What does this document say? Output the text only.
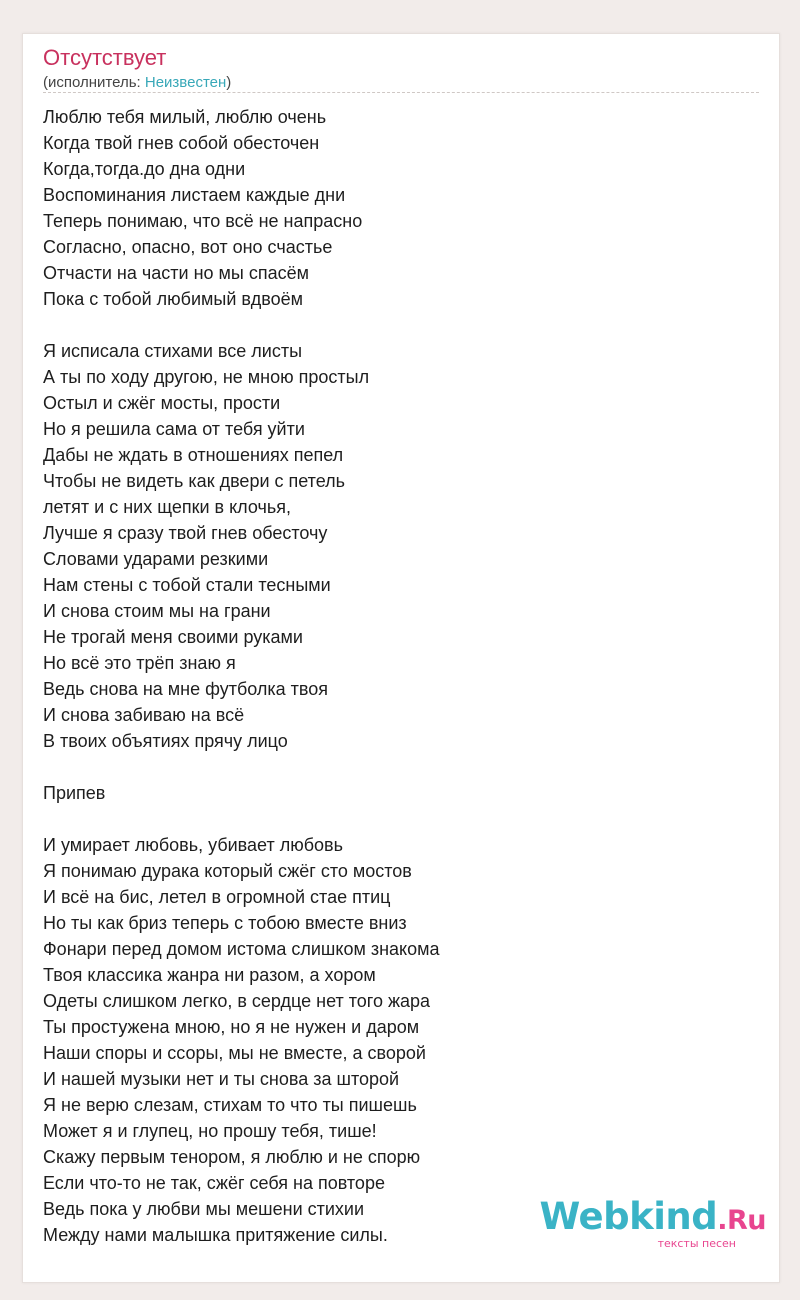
Отсутствует
(исполнитель: Неизвестен)
Люблю тебя милый, люблю очень
Когда твой гнев собой обесточен
Когда,тогда.до дна одни
Воспоминания листаем каждые дни
Теперь понимаю, что всё не напрасно
Согласно, опасно, вот оно счастье
Отчасти на части но мы спасём
Пока с тобой любимый вдвоём
Я исписала стихами все листы
А ты по ходу другою, не мною простыл
Остыл и сжёг мосты, прости
Но я решила сама от тебя уйти
Дабы не ждать в отношениях пепел
Чтобы не видеть как двери с петель
летят и с них щепки в клочья,
Лучше я сразу твой гнев обесточу
Словами ударами резкими
Нам стены с тобой стали тесными
И снова стоим мы на грани
Не трогай меня своими руками
Но всё это трёп знаю я
Ведь снова на мне футболка твоя
И снова забиваю на всё
В твоих объятиях прячу лицо
Припев
И умирает любовь, убивает любовь
Я понимаю дурака который сжёг сто мостов
И всё на бис, летел в огромной стае птиц
Но ты как бриз теперь с тобою вместе вниз
Фонари перед домом истома слишком знакома
Твоя классика жанра ни разом, а хором
Одеты слишком легко, в сердце нет того жара
Ты простужена мною, но я не нужен и даром
Наши споры и ссоры, мы не вместе, а сворой
И нашей музыки нет и ты снова за шторой
Я не верю слезам, стихам то что ты пишешь
Может я и глупец, но прошу тебя, тише!
Скажу первым тенором, я люблю и не спорю
Если что-то не так, сжёг себя на повторе
Ведь пока у любви мы мешени стихии
Между нами малышка притяжение силы.	Webkind.Ru
тексты песен
